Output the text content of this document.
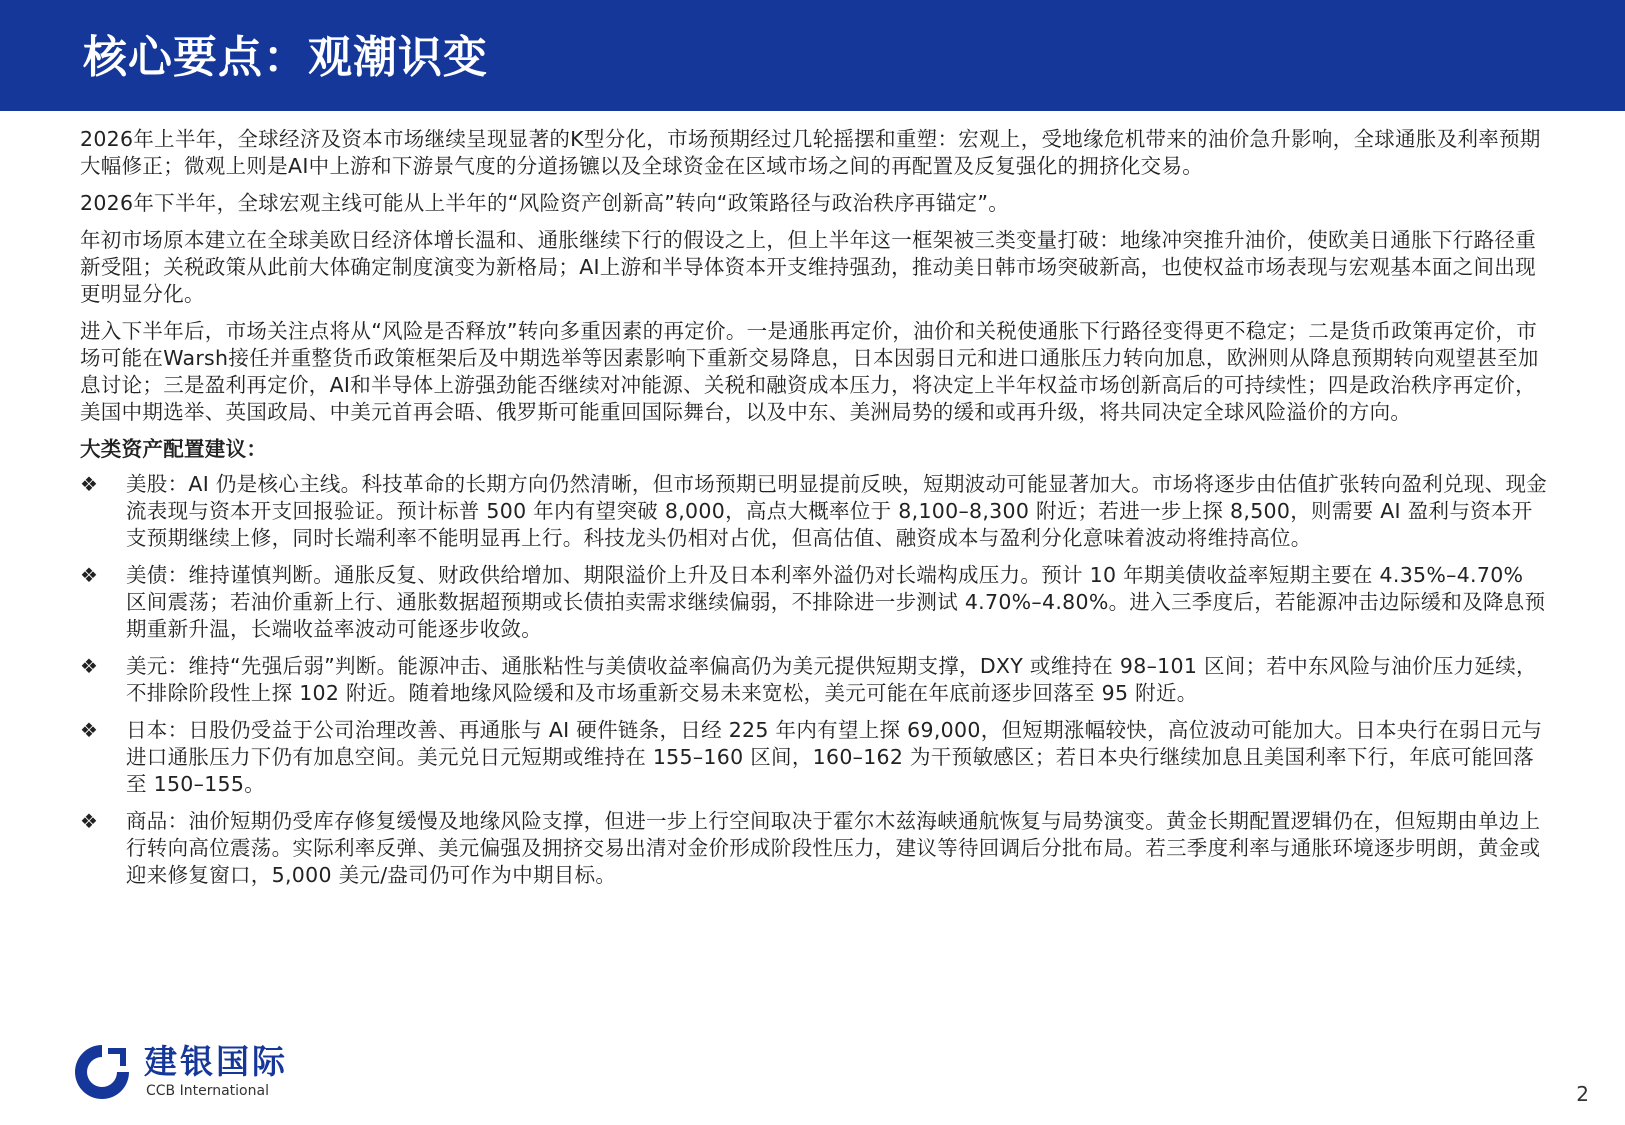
核心要点：观潮识变

2026年上半年，全球经济及资本市场继续呈现显著的K型分化，市场预期经过几轮摇摆和重塑：宏观上，受地缘危机带来的油价急升影响，全球通胀及利率预期大幅修正；微观上则是AI中上游和下游景气度的分道扬镳以及全球资金在区域市场之间的再配置及反复强化的拥挤化交易。

2026年下半年，全球宏观主线可能从上半年的“风险资产创新高”转向“政策路径与政治秩序再锚定”。

年初市场原本建立在全球美欧日经济体增长温和、通胀继续下行的假设之上，但上半年这一框架被三类变量打破：地缘冲突推升油价，使欧美日通胀下行路径重新受阻；关税政策从此前大体确定制度演变为新格局；AI上游和半导体资本开支维持强劲，推动美日韩市场突破新高，也使权益市场表现与宏观基本面之间出现更明显分化。

进入下半年后，市场关注点将从“风险是否释放”转向多重因素的再定价。一是通胀再定价，油价和关税使通胀下行路径变得更不稳定；二是货币政策再定价，市场可能在Warsh接任并重整货币政策框架后及中期选举等因素影响下重新交易降息，日本因弱日元和进口通胀压力转向加息，欧洲则从降息预期转向观望甚至加息讨论；三是盈利再定价，AI和半导体上游强劲能否继续对冲能源、关税和融资成本压力，将决定上半年权益市场创新高后的可持续性；四是政治秩序再定价，美国中期选举、英国政局、中美元首再会晤、俄罗斯可能重回国际舞台，以及中东、美洲局势的缓和或再升级，将共同决定全球风险溢价的方向。

大类资产配置建议：

❖ 美股：AI 仍是核心主线。科技革命的长期方向仍然清晰，但市场预期已明显提前反映，短期波动可能显著加大。市场将逐步由估值扩张转向盈利兑现、现金流表现与资本开支回报验证。预计标普 500 年内有望突破 8,000，高点大概率位于 8,100–8,300 附近；若进一步上探 8,500，则需要 AI 盈利与资本开支预期继续上修，同时长端利率不能明显再上行。科技龙头仍相对占优，但高估值、融资成本与盈利分化意味着波动将维持高位。
❖ 美债：维持谨慎判断。通胀反复、财政供给增加、期限溢价上升及日本利率外溢仍对长端构成压力。预计 10 年期美债收益率短期主要在 4.35%–4.70% 区间震荡；若油价重新上行、通胀数据超预期或长债拍卖需求继续偏弱，不排除进一步测试 4.70%–4.80%。进入三季度后，若能源冲击边际缓和及降息预期重新升温，长端收益率波动可能逐步收敛。
❖ 美元：维持“先强后弱”判断。能源冲击、通胀粘性与美债收益率偏高仍为美元提供短期支撑，DXY 或维持在 98–101 区间；若中东风险与油价压力延续，不排除阶段性上探 102 附近。随着地缘风险缓和及市场重新交易未来宽松，美元可能在年底前逐步回落至 95 附近。
❖ 日本：日股仍受益于公司治理改善、再通胀与 AI 硬件链条，日经 225 年内有望上探 69,000，但短期涨幅较快，高位波动可能加大。日本央行在弱日元与进口通胀压力下仍有加息空间。美元兑日元短期或维持在 155–160 区间，160–162 为干预敏感区；若日本央行继续加息且美国利率下行，年底可能回落至 150–155。
❖ 商品：油价短期仍受库存修复缓慢及地缘风险支撑，但进一步上行空间取决于霍尔木兹海峡通航恢复与局势演变。黄金长期配置逻辑仍在，但短期由单边上行转向高位震荡。实际利率反弹、美元偏强及拥挤交易出清对金价形成阶段性压力，建议等待回调后分批布局。若三季度利率与通胀环境逐步明朗，黄金或迎来修复窗口，5,000 美元/盎司仍可作为中期目标。
建银国际
CCB International	2
